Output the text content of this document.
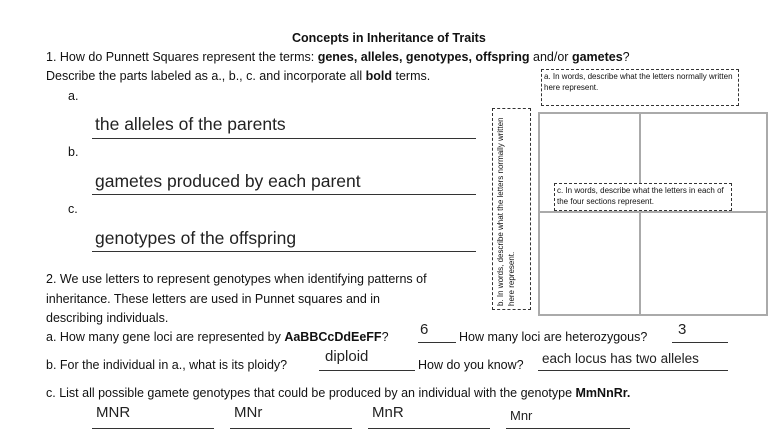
Concepts in Inheritance of Traits
1. How do Punnett Squares represent the terms: genes, alleles, genotypes, offspring and/or gametes?
Describe the parts labeled as a., b., c. and incorporate all bold terms.
a.
the alleles of the parents
b.
gametes produced by each parent
c.
genotypes of the offspring
a. In words, describe what the letters normally written here represent.
b. In words, describe what the letters normally written here represent.
c. In words, describe what the letters in each of the four sections represent.
2. We use letters to represent genotypes when identifying patterns of
inheritance. These letters are used in Punnet squares and in
describing individuals.
a. How many gene loci are represented by AaBBCcDdEeFF? 6 How many loci are heterozygous? 3
b. For the individual in a., what is its ploidy?	diploid	How do you know? each locus has two alleles
c. List all possible gamete genotypes that could be produced by an individual with the genotype MmNnRr.
MNR	MNr	MnR	Mnr
